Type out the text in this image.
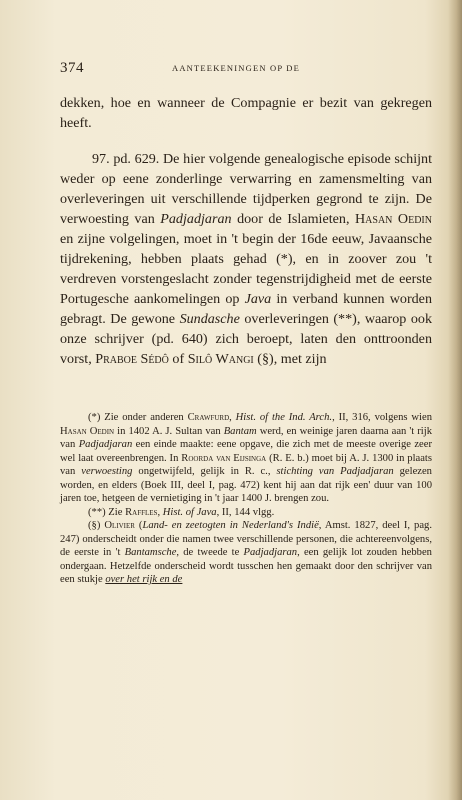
374	AANTEEKENINGEN OP DE

dekken, hoe en wanneer de Compagnie er bezit van gekregen heeft.

97. pd. 629. De hier volgende genealogische episode schijnt weder op eene zonderlinge verwarring en zamensmelting van overleveringen uit verschillende tijdperken gegrond te zijn. De verwoesting van Padjadjaran door de Islamieten, Hasan Oedin en zijne volgelingen, moet in 't begin der 16de eeuw, Javaansche tijdrekening, hebben plaats gehad (*), en in zoover zou 't verdreven vorstengeslacht zonder tegenstrijdigheid met de eerste Portugesche aankomelingen op Java in verband kunnen worden gebragt. De gewone Sundasche overleveringen (**), waarop ook onze schrijver (pd. 640) zich beroept, laten den onttroonden vorst, Praboe Sédô of Silô Wangi (§), met zijn

(*) Zie onder anderen Crawfurd, Hist. of the Ind. Arch., II, 316, volgens wien Hasan Oedin in 1402 A. J. Sultan van Bantam werd, en weinige jaren daarna aan 't rijk van Padjadjaran een einde maakte: eene opgave, die zich met de meeste overige zeer wel laat overeenbrengen. In Roorda van Eijsinga (R. E. b.) moet bij A. J. 1300 in plaats van verwoesting ongetwijfeld, gelijk in R. c., stichting van Padjadjaran gelezen worden, en elders (Boek III, deel I, pag. 472) kent hij aan dat rijk een' duur van 100 jaren toe, hetgeen de vernietiging in 't jaar 1400 J. brengen zou.

(**) Zie Raffles, Hist. of Java, II, 144 vlgg.

(§) Olivier (Land- en zeetogten in Nederland's Indië, Amst. 1827, deel I, pag. 247) onderscheidt onder die namen twee verschillende personen, die achtereenvolgens, de eerste in 't Bantamsche, de tweede te Padjadjaran, een gelijk lot zouden hebben ondergaan. Hetzelfde onderscheid wordt tusschen hen gemaakt door den schrijver van een stukje over het rijk en de
